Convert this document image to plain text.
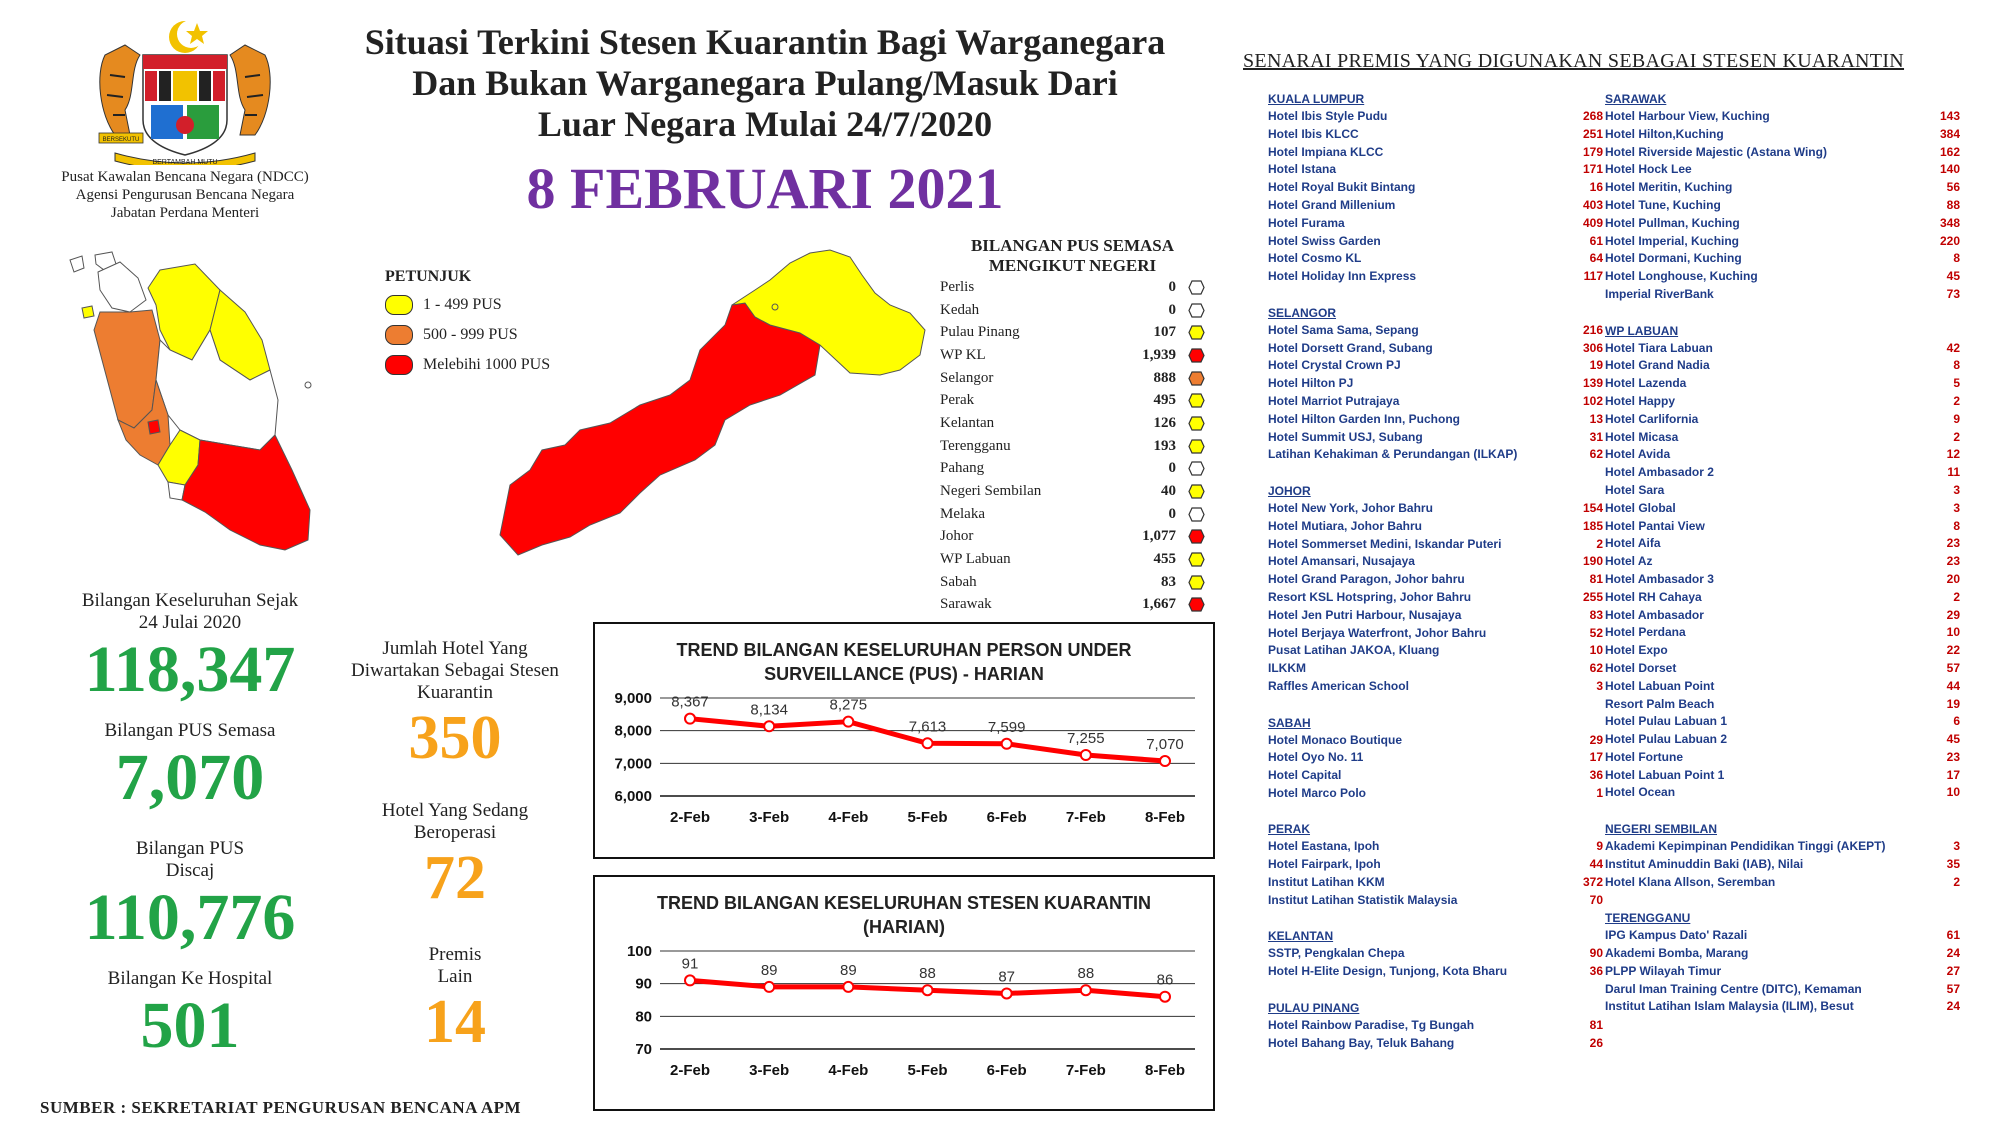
BERTAMBAH MUTU
BERSEKUTU
Pusat Kawalan Bencana Negara (NDCC)
Agensi Pengurusan Bencana Negara
Jabatan Perdana Menteri
Situasi Terkini Stesen Kuarantin Bagi Warganegara
Dan Bukan Warganegara Pulang/Masuk Dari
Luar Negara Mulai 24/7/2020
8 FEBRUARI 2021
PETUNJUK
1 - 499 PUS
500 - 999 PUS
Melebihi 1000 PUS
BILANGAN PUS SEMASA
MENGIKUT NEGERI
Perlis	0
Kedah	0
Pulau Pinang	107
WP KL	1,939
Selangor	888
Perak	495
Kelantan	126
Terengganu	193
Pahang	0
Negeri Sembilan	40
Melaka	0
Johor	1,077
WP Labuan	455
Sabah	83
Sarawak	1,667
Bilangan Keseluruhan Sejak
24 Julai 2020
118,347
Bilangan PUS Semasa
7,070
Bilangan PUS
Discaj
110,776
Bilangan Ke Hospital
501
Jumlah Hotel Yang
Diwartakan Sebagai Stesen
Kuarantin
350
Hotel Yang Sedang
Beroperasi
72
Premis
Lain
14
TREND BILANGAN KESELURUHAN PERSON UNDER
SURVEILLANCE (PUS) - HARIAN
6,000
7,000
8,000
9,000 8,367
2-Feb
8,134
3-Feb
8,275
4-Feb
7,613
5-Feb
7,599
6-Feb
7,255
7-Feb
7,070
8-Feb
TREND BILANGAN KESELURUHAN STESEN KUARANTIN
(HARIAN)
70
80
90
100
91
2-Feb
89
3-Feb
89
4-Feb
88
5-Feb
87
6-Feb
88
7-Feb
86
8-Feb
SENARAI PREMIS YANG DIGUNAKAN SEBAGAI STESEN KUARANTIN
KUALA LUMPUR
Hotel Ibis Style Pudu	268
Hotel Ibis KLCC	251
Hotel Impiana KLCC	179
Hotel Istana	171
Hotel Royal Bukit Bintang	16
Hotel Grand Millenium	403
Hotel Furama	409
Hotel Swiss Garden	61
Hotel Cosmo KL	64
Hotel Holiday Inn Express	117
SELANGOR
Hotel Sama Sama, Sepang	216
Hotel Dorsett Grand, Subang	306
Hotel Crystal Crown PJ	19
Hotel Hilton PJ	139
Hotel Marriot Putrajaya	102
Hotel Hilton Garden Inn, Puchong	13
Hotel Summit USJ, Subang	31
Latihan Kehakiman & Perundangan (ILKAP)	62
JOHOR
Hotel New York, Johor Bahru	154
Hotel Mutiara, Johor Bahru	185
Hotel Sommerset Medini, Iskandar Puteri	2
Hotel Amansari, Nusajaya	190
Hotel Grand Paragon, Johor bahru	81
Resort KSL Hotspring, Johor Bahru	255
Hotel Jen Putri Harbour, Nusajaya	83
Hotel Berjaya Waterfront, Johor Bahru	52
Pusat Latihan JAKOA, Kluang	10
ILKKM	62
Raffles American School	3
SABAH
Hotel Monaco Boutique	29
Hotel Oyo No. 11	17
Hotel Capital	36
Hotel Marco Polo	1
PERAK
Hotel Eastana, Ipoh	9
Hotel Fairpark, Ipoh	44
Institut Latihan KKM	372
Institut Latihan Statistik Malaysia	70
KELANTAN
SSTP, Pengkalan Chepa	90
Hotel H-Elite Design, Tunjong, Kota Bharu	36
PULAU PINANG
Hotel Rainbow Paradise, Tg Bungah	81
Hotel Bahang Bay, Teluk Bahang	26
SARAWAK
Hotel Harbour View, Kuching	143
Hotel Hilton,Kuching	384
Hotel Riverside Majestic (Astana Wing)	162
Hotel Hock Lee	140
Hotel Meritin, Kuching	56
Hotel Tune, Kuching	88
Hotel Pullman, Kuching	348
Hotel Imperial, Kuching	220
Hotel Dormani, Kuching	8
Hotel Longhouse, Kuching	45
Imperial RiverBank	73
WP LABUAN
Hotel Tiara Labuan	42
Hotel Grand Nadia	8
Hotel Lazenda	5
Hotel Happy	2
Hotel Carlifornia	9
Hotel Micasa	2
Hotel Avida	12
Hotel Ambasador 2	11
Hotel Sara	3
Hotel Global	3
Hotel Pantai View	8
Hotel Aifa	23
Hotel Az	23
Hotel Ambasador 3	20
Hotel RH Cahaya	2
Hotel Ambasador	29
Hotel Perdana	10
Hotel Expo	22
Hotel Dorset	57
Hotel Labuan Point	44
Resort Palm Beach	19
Hotel Pulau Labuan 1	6
Hotel Pulau Labuan 2	45
Hotel Fortune	23
Hotel Labuan Point 1	17
Hotel Ocean	10
NEGERI SEMBILAN
Akademi Kepimpinan Pendidikan Tinggi (AKEPT)	3
Institut Aminuddin Baki (IAB), Nilai	35
Hotel Klana Allson, Seremban	2
TERENGGANU
IPG Kampus Dato' Razali	61
Akademi Bomba, Marang	24
PLPP Wilayah Timur	27
Darul Iman Training Centre (DITC), Kemaman	57
Institut Latihan Islam Malaysia (ILIM), Besut	24
SUMBER : SEKRETARIAT PENGURUSAN BENCANA APM
